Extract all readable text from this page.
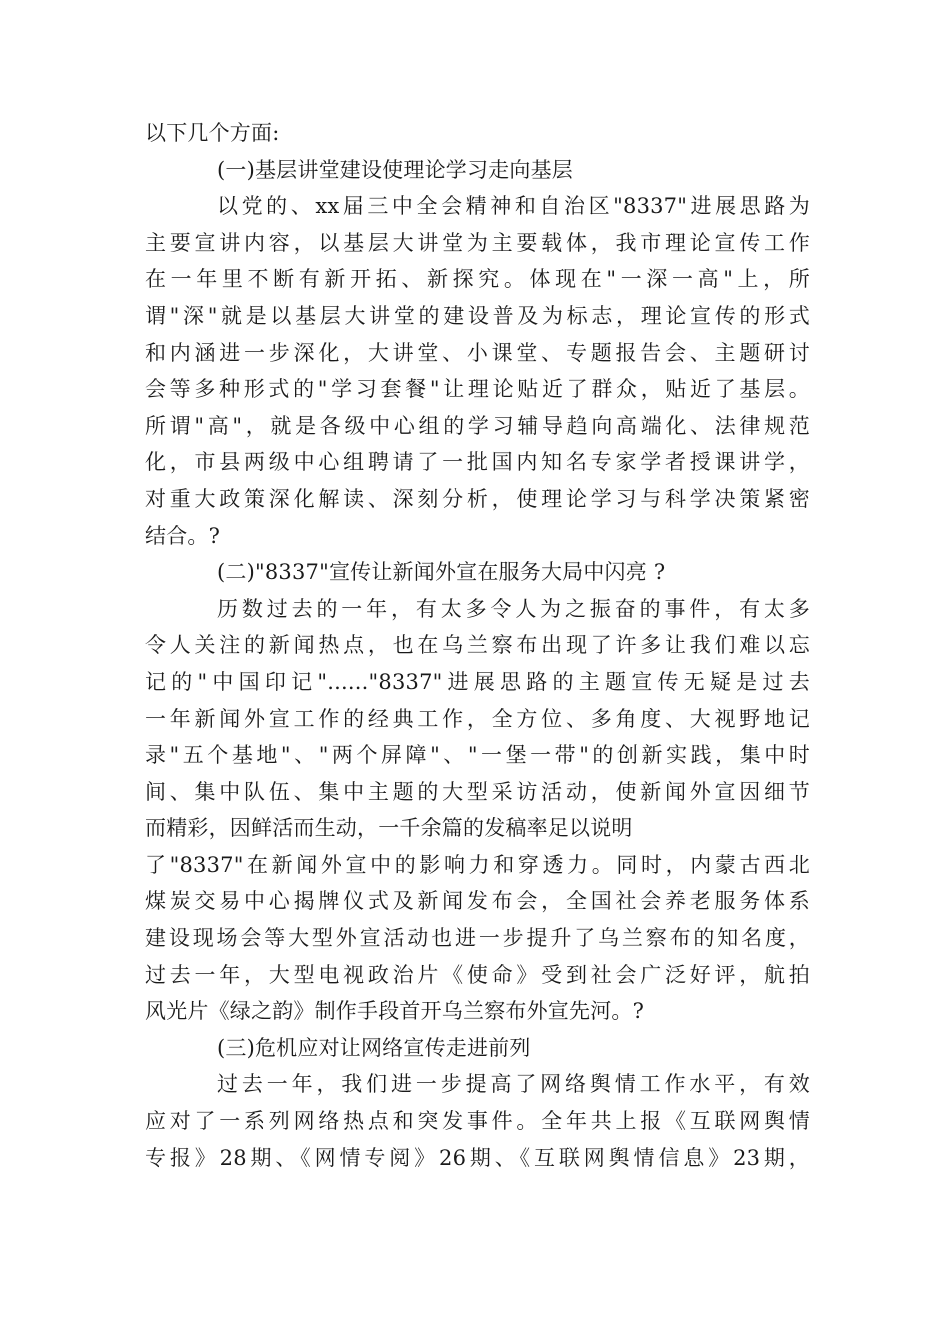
以下几个方面:
(一)基层讲堂建设使理论学习走向基层
以党的、xx届三中全会精神和自治区"8337"进展思路为
主要宣讲内容，以基层大讲堂为主要载体，我市理论宣传工作
在一年里不断有新开拓、新探究。体现在"一深一高"上，所
谓"深"就是以基层大讲堂的建设普及为标志，理论宣传的形式
和内涵进一步深化，大讲堂、小课堂、专题报告会、主题研讨
会等多种形式的"学习套餐"让理论贴近了群众，贴近了基层。
所谓"高"，就是各级中心组的学习辅导趋向高端化、法律规范
化，市县两级中心组聘请了一批国内知名专家学者授课讲学，
对重大政策深化解读、深刻分析，使理论学习与科学决策紧密
结合。?
(二)"8337"宣传让新闻外宣在服务大局中闪亮 ?
历数过去的一年，有太多令人为之振奋的事件，有太多
令人关注的新闻热点，也在乌兰察布出现了许多让我们难以忘
记的"中国印记"......"8337"进展思路的主题宣传无疑是过去
一年新闻外宣工作的经典工作，全方位、多角度、大视野地记
录"五个基地"、"两个屏障"、"一堡一带"的创新实践，集中时
间、集中队伍、集中主题的大型采访活动，使新闻外宣因细节
而精彩，因鲜活而生动，一千余篇的发稿率足以说明
了"8337"在新闻外宣中的影响力和穿透力。同时，内蒙古西北
煤炭交易中心揭牌仪式及新闻发布会，全国社会养老服务体系
建设现场会等大型外宣活动也进一步提升了乌兰察布的知名度，
过去一年，大型电视政治片《使命》受到社会广泛好评，航拍
风光片《绿之韵》制作手段首开乌兰察布外宣先河。?
(三)危机应对让网络宣传走进前列
过去一年，我们进一步提高了网络舆情工作水平，有效
应对了一系列网络热点和突发事件。全年共上报《互联网舆情
专报》28期、《网情专阅》26期、《互联网舆情信息》23期，
